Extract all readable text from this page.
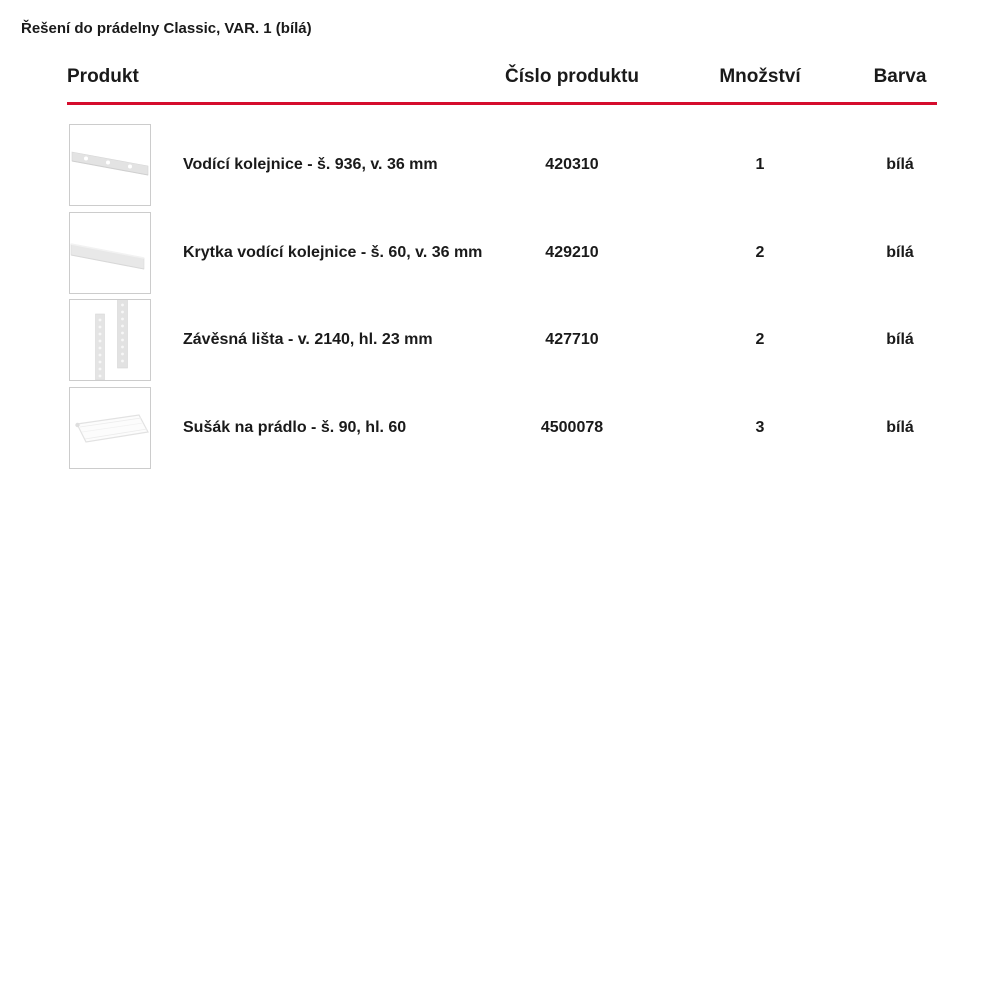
Řešení do prádelny Classic, VAR. 1 (bílá)
Produkt	Číslo produktu	Množství	Barva
Vodící kolejnice - š. 936, v. 36 mm	420310	1	bílá
Krytka vodící kolejnice - š. 60, v. 36 mm	429210	2	bílá
Závěsná lišta - v. 2140, hl. 23 mm	427710	2	bílá
Sušák na prádlo - š. 90, hl. 60	4500078	3	bílá
